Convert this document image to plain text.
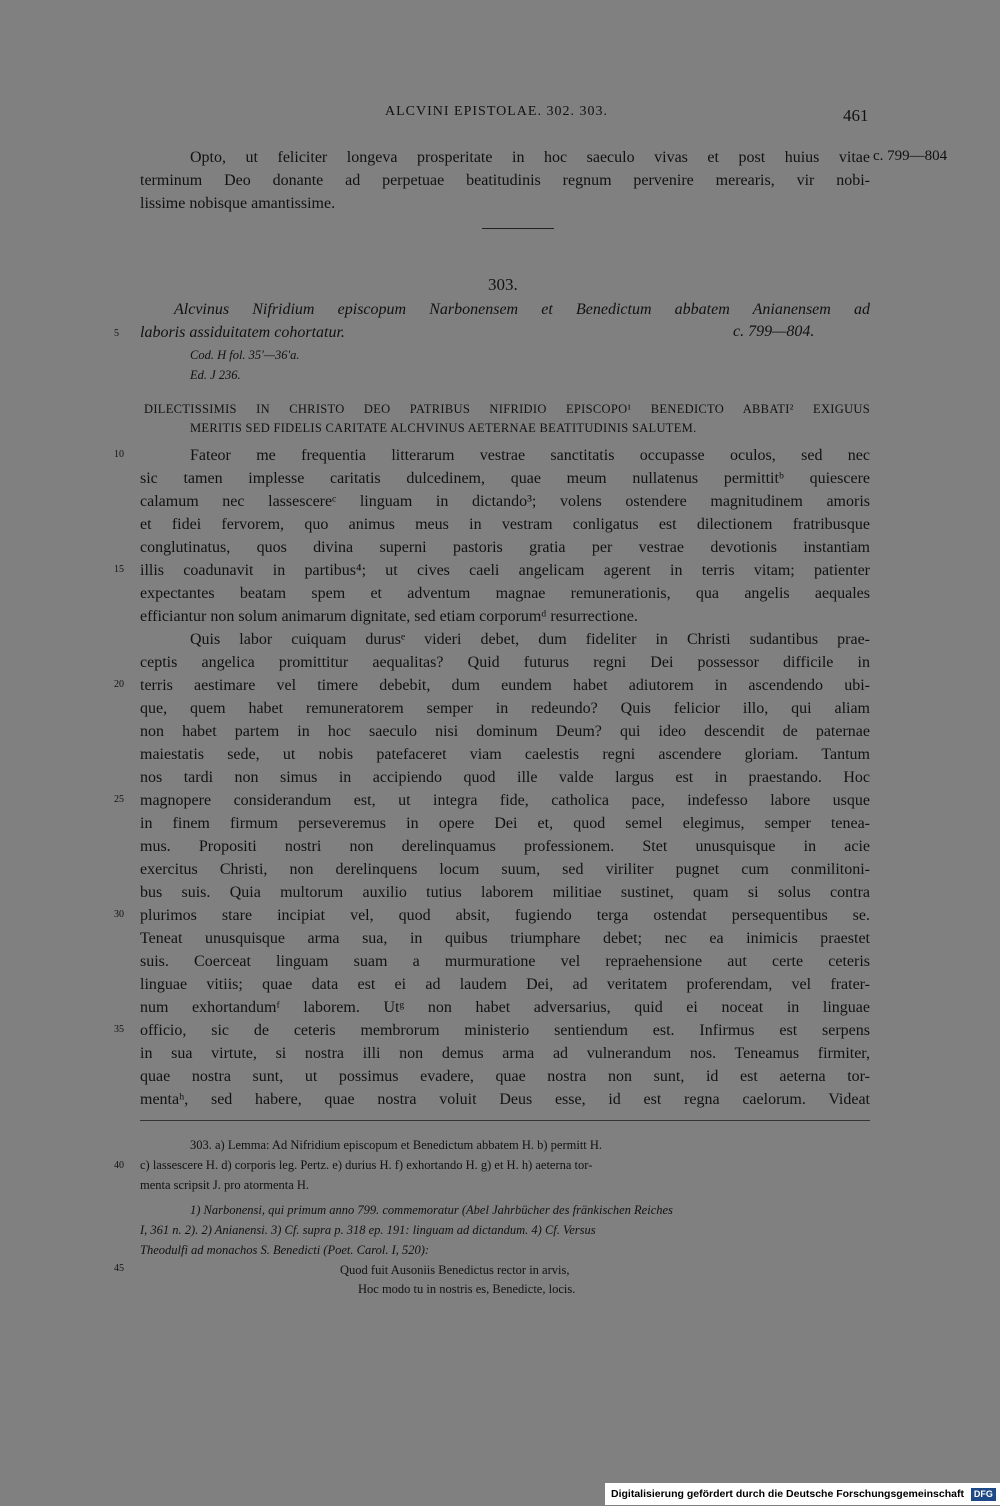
ALCVINI EPISTOLAE. 302. 303.	461
Opto, ut feliciter longeva prosperitate in hoc saeculo vivas et post huius vitae
terminum Deo donante ad perpetuae beatitudinis regnum pervenire merearis, vir nobi-
lissime nobisque amantissime.
c. 799—804
303.
Alcvinus Nifridium episcopum Narbonensem et Benedictum abbatem Anianensem ad
laboris assiduitatem cohortatur.	c. 799—804.
Cod. H fol. 35'—36'a.
Ed. J 236.
DILECTISSIMIS IN CHRISTO DEO PATRIBUS NIFRIDIO EPISCOPO¹ BENEDICTO ABBATI² EXIGUUS
MERITIS SED FIDELIS CARITATE ALCHVINUS AETERNAE BEATITUDINIS SALUTEM.
Fateor me frequentia litterarum vestrae sanctitatis occupasse oculos, sed nec
sic tamen implesse caritatis dulcedinem, quae meum nullatenus permittitᵇ quiescere
calamum nec lassescereᶜ linguam in dictando³; volens ostendere magnitudinem amoris
et fidei fervorem, quo animus meus in vestram conligatus est dilectionem fratribusque
conglutinatus, quos divina superni pastoris gratia per vestrae devotionis instantiam
illis coadunavit in partibus⁴; ut cives caeli angelicam agerent in terris vitam; patienter
expectantes beatam spem et adventum magnae remunerationis, qua angelis aequales
efficiantur non solum animarum dignitate, sed etiam corporumᵈ resurrectione.
Quis labor cuiquam durusᵉ videri debet, dum fideliter in Christi sudantibus prae-
ceptis angelica promittitur aequalitas? Quid futurus regni Dei possessor difficile in
terris aestimare vel timere debebit, dum eundem habet adiutorem in ascendendo ubi-
que, quem habet remuneratorem semper in redeundo? Quis felicior illo, qui aliam
non habet partem in hoc saeculo nisi dominum Deum? qui ideo descendit de paternae
maiestatis sede, ut nobis patefaceret viam caelestis regni ascendere gloriam. Tantum
nos tardi non simus in accipiendo quod ille valde largus est in praestando. Hoc
magnopere considerandum est, ut integra fide, catholica pace, indefesso labore usque
in finem firmum perseveremus in opere Dei et, quod semel elegimus, semper tenea-
mus. Propositi nostri non derelinquamus professionem. Stet unusquisque in acie
exercitus Christi, non derelinquens locum suum, sed viriliter pugnet cum conmilitoni-
bus suis. Quia multorum auxilio tutius laborem militiae sustinet, quam si solus contra
plurimos stare incipiat vel, quod absit, fugiendo terga ostendat persequentibus se.
Teneat unusquisque arma sua, in quibus triumphare debet; nec ea inimicis praestet
suis. Coerceat linguam suam a murmuratione vel repraehensione aut certe ceteris
linguae vitiis; quae data est ei ad laudem Dei, ad veritatem proferendam, vel frater-
num exhortandumᶠ laborem. Utᵍ non habet adversarius, quid ei noceat in linguae
officio, sic de ceteris membrorum ministerio sentiendum est. Infirmus est serpens
in sua virtute, si nostra illi non demus arma ad vulnerandum nos. Teneamus firmiter,
quae nostra sunt, ut possimus evadere, quae nostra non sunt, id est aeterna tor-
mentaʰ, sed habere, quae nostra voluit Deus esse, id est regna caelorum. Videat
5
10
15
20
25
30
35
40
45
303. a) Lemma: Ad Nifridium episcopum et Benedictum abbatem H. b) permitt H.
c) lassescere H. d) corporis leg. Pertz. e) durius H. f) exhortando H. g) et H. h) aeterna tor-
menta scripsit J. pro atormenta H.
1) Narbonensi, qui primum anno 799. commemoratur (Abel Jahrbücher des fränkischen Reiches
I, 361 n. 2). 2) Anianensi. 3) Cf. supra p. 318 ep. 191: linguam ad dictandum. 4) Cf. Versus
Theodulfi ad monachos S. Benedicti (Poet. Carol. I, 520):
Quod fuit Ausoniis Benedictus rector in arvis,
Hoc modo tu in nostris es, Benedicte, locis.
Digitalisierung gefördert durch die Deutsche Forschungsgemeinschaft DFG
